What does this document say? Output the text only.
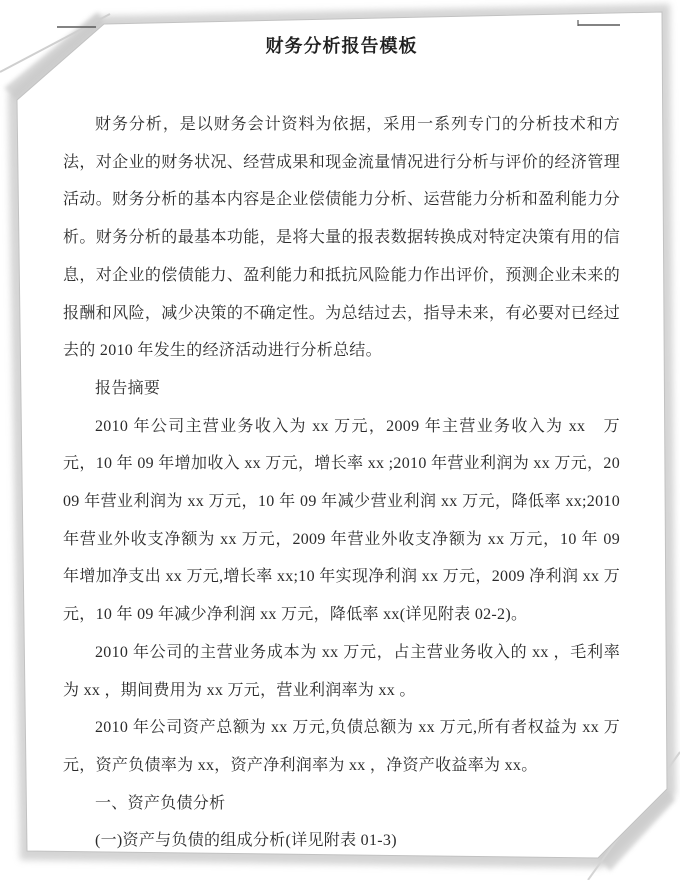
财务分析报告模板

财务分析，是以财务会计资料为依据，采用一系列专门的分析技术和方法，对企业的财务状况、经营成果和现金流量情况进行分析与评价的经济管理活动。财务分析的基本内容是企业偿债能力分析、运营能力分析和盈利能力分析。财务分析的最基本功能，是将大量的报表数据转换成对特定决策有用的信息，对企业的偿债能力、盈利能力和抵抗风险能力作出评价，预测企业未来的报酬和风险，减少决策的不确定性。为总结过去，指导未来，有必要对已经过去的 2010 年发生的经济活动进行分析总结。

报告摘要

2010 年公司主营业务收入为 xx 万元，2009 年主营业务收入为 xx　万元，10 年 09 年增加收入 xx 万元，增长率 xx ;2010 年营业利润为 xx 万元，2009 年营业利润为 xx 万元，10 年 09 年减少营业利润 xx 万元，降低率 xx;2010 年营业外收支净额为 xx 万元，2009 年营业外收支净额为 xx 万元，10 年 09 年增加净支出 xx 万元,增长率 xx;10 年实现净利润 xx 万元，2009 净利润 xx 万元，10 年 09 年减少净利润 xx 万元，降低率 xx(详见附表 02-2)。

2010 年公司的主营业务成本为 xx 万元，占主营业务收入的 xx ，毛利率为 xx ，期间费用为 xx 万元，营业利润率为 xx 。

2010 年公司资产总额为 xx 万元,负债总额为 xx 万元,所有者权益为 xx 万元，资产负债率为 xx，资产净利润率为 xx ，净资产收益率为 xx。

一、资产负债分析

(一)资产与负债的组成分析(详见附表 01-3)
